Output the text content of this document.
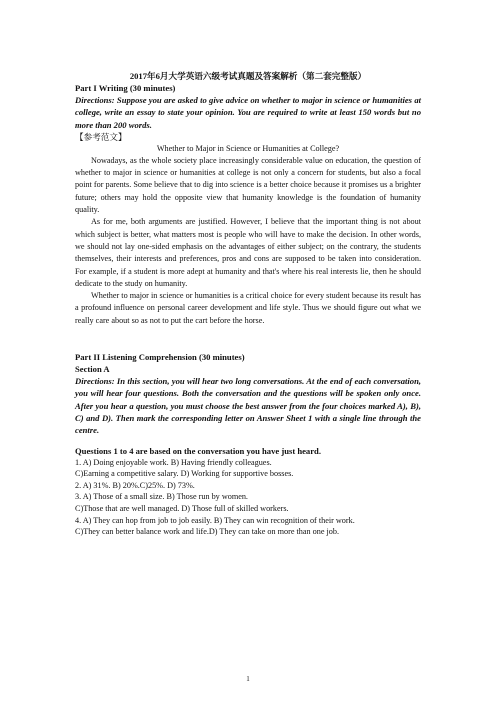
2017年6月大学英语六级考试真题及答案解析（第二套完整版）

Part I Writing (30 minutes)

Directions: Suppose you are asked to give advice on whether to major in science or humanities at college, write an essay to state your opinion. You are required to write at least 150 words but no more than 200 words.

【参考范文】

Whether to Major in Science or Humanities at College?

Nowadays, as the whole society place increasingly considerable value on education, the question of whether to major in science or humanities at college is not only a concern for students, but also a focal point for parents. Some believe that to dig into science is a better choice because it promises us a brighter future; others may hold the opposite view that humanity knowledge is the foundation of humanity quality.

As for me, both arguments are justified. However, I believe that the important thing is not about which subject is better, what matters most is people who will have to make the decision. In other words, we should not lay one-sided emphasis on the advantages of either subject; on the contrary, the students themselves, their interests and preferences, pros and cons are supposed to be taken into consideration. For example, if a student is more adept at humanity and that's where his real interests lie, then he should dedicate to the study on humanity.

Whether to major in science or humanities is a critical choice for every student because its result has a profound influence on personal career development and life style. Thus we should figure out what we really care about so as not to put the cart before the horse.

Part II Listening Comprehension (30 minutes)

Section A

Directions: In this section, you will hear two long conversations. At the end of each conversation, you will hear four questions. Both the conversation and the questions will be spoken only once. After you hear a question, you must choose the best answer from the four choices marked A), B), C) and D). Then mark the corresponding letter on Answer Sheet 1 with a single line through the centre.

Questions 1 to 4 are based on the conversation you have just heard.

1. A) Doing enjoyable work. B) Having friendly colleagues.

C)Earning a competitive salary. D) Working for supportive bosses.

2. A) 31%. B) 20%.C)25%. D) 73%.

3. A) Those of a small size. B) Those run by women.

C)Those that are well managed. D) Those full of skilled workers.

4. A) They can hop from job to job easily. B) They can win recognition of their work.

C)They can better balance work and life.D) They can take on more than one job.

1
